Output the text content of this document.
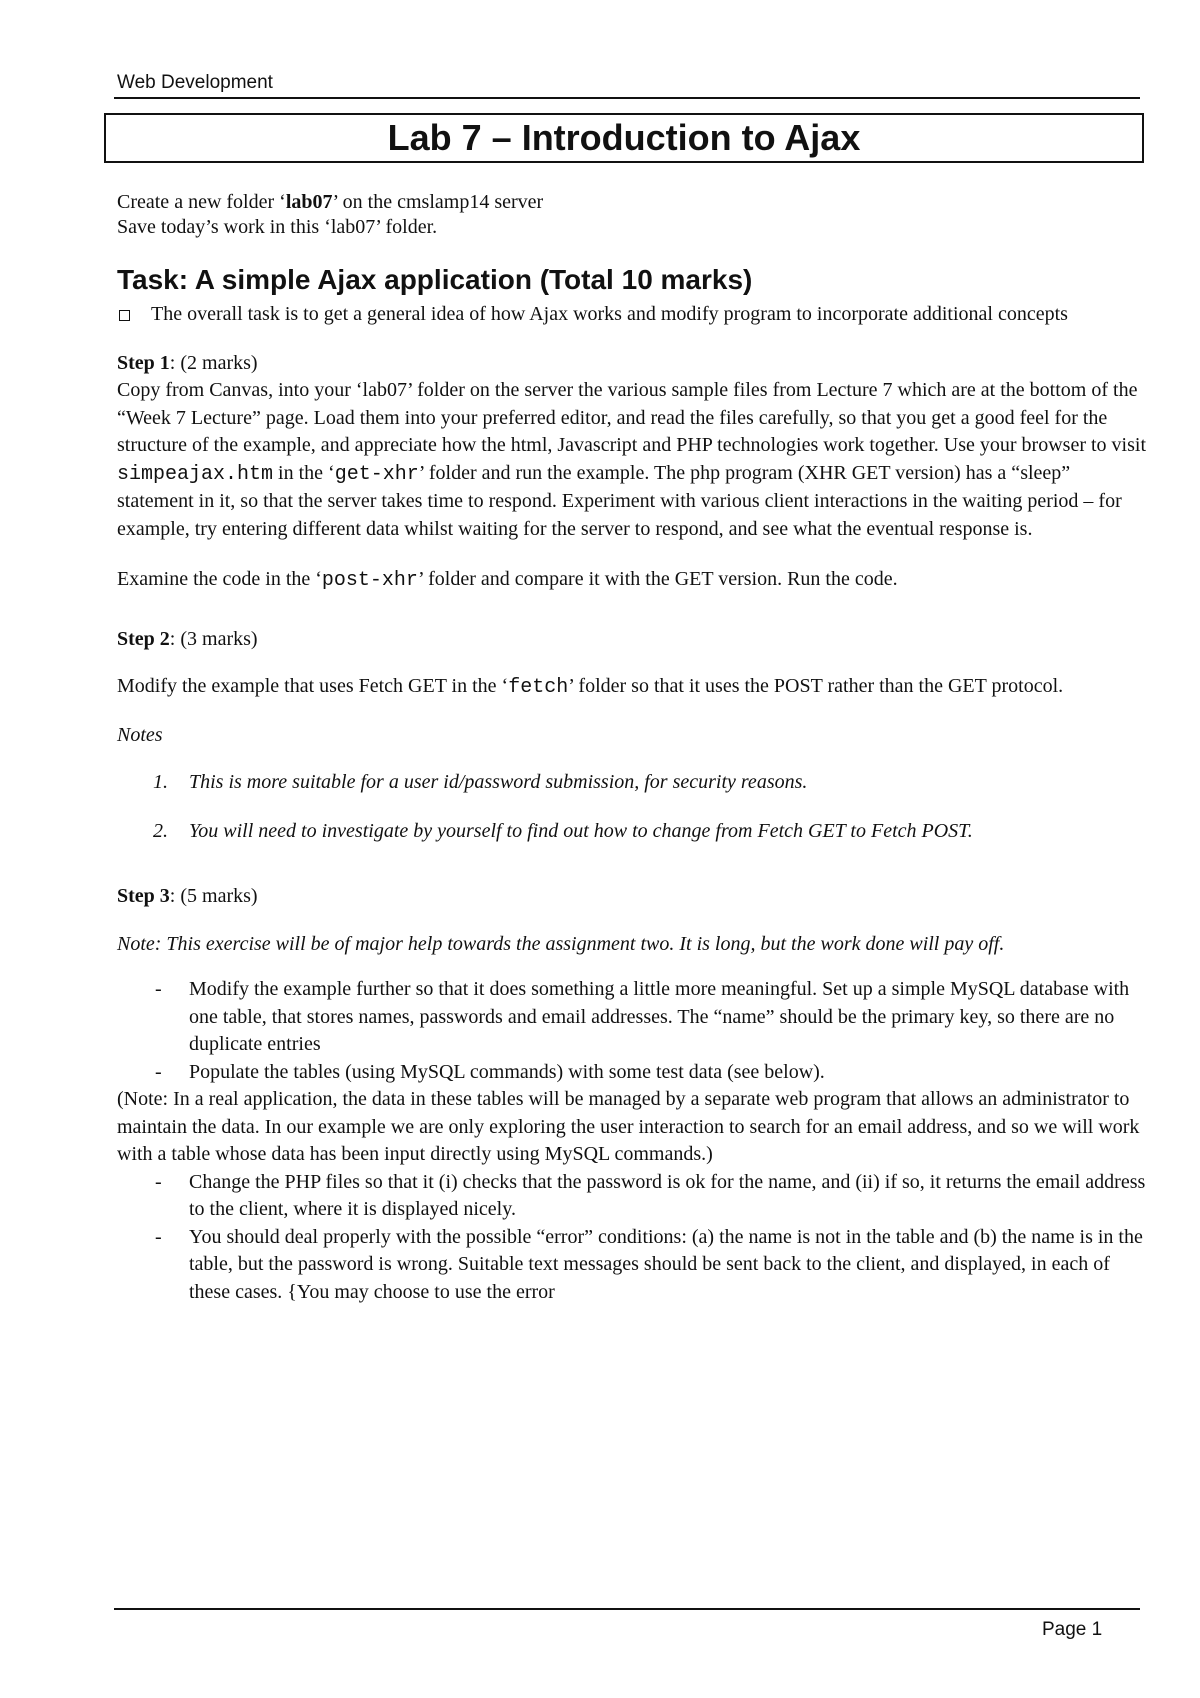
Web Development
Lab 7 – Introduction to Ajax

Create a new folder ‘lab07’ on the cmslamp14 server

Save today’s work in this ‘lab07’ folder.

Task: A simple Ajax application (Total 10 marks)
The overall task is to get a general idea of how Ajax works and modify program to incorporate additional concepts

Step 1: (2 marks)

Copy from Canvas, into your ‘lab07’ folder on the server the various sample files from Lecture 7 which are at the bottom of the “Week 7 Lecture” page. Load them into your preferred editor, and read the files carefully, so that you get a good feel for the structure of the example, and appreciate how the html, Javascript and PHP technologies work together. Use your browser to visit simpeajax.htm in the ‘get-xhr’ folder and run the example. The php program (XHR GET version) has a “sleep” statement in it, so that the server takes time to respond. Experiment with various client interactions in the waiting period – for example, try entering different data whilst waiting for the server to respond, and see what the eventual response is.

Examine the code in the ‘post-xhr’ folder and compare it with the GET version. Run the code.

Step 2: (3 marks)

Modify the example that uses Fetch GET in the ‘fetch’ folder so that it uses the POST rather than the GET protocol.

Notes

1. This is more suitable for a user id/password submission, for security reasons.
2. You will need to investigate by yourself to find out how to change from Fetch GET to Fetch POST.

Step 3: (5 marks)

Note: This exercise will be of major help towards the assignment two. It is long, but the work done will pay off.

- Modify the example further so that it does something a little more meaningful. Set up a simple MySQL database with one table, that stores names, passwords and email addresses. The “name” should be the primary key, so there are no duplicate entries
- Populate the tables (using MySQL commands) with some test data (see below).

(Note: In a real application, the data in these tables will be managed by a separate web program that allows an administrator to maintain the data. In our example we are only exploring the user interaction to search for an email address, and so we will work with a table whose data has been input directly using MySQL commands.)

- Change the PHP files so that it (i) checks that the password is ok for the name, and (ii) if so, it returns the email address to the client, where it is displayed nicely.
- You should deal properly with the possible “error” conditions: (a) the name is not in the table and (b) the name is in the table, but the password is wrong. Suitable text messages should be sent back to the client, and displayed, in each of these cases. {You may choose to use the error
Page 1
